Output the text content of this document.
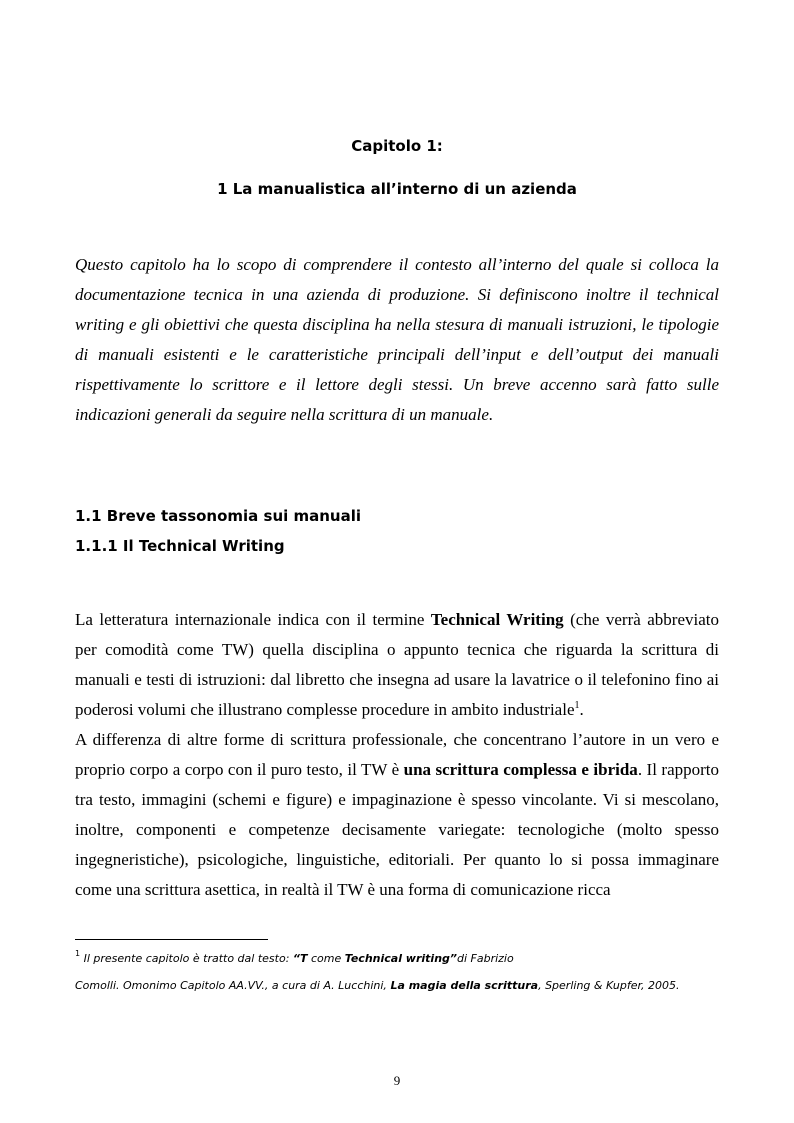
Capitolo 1:
1 La manualistica all’interno di un azienda

Questo capitolo ha lo scopo di comprendere il contesto all’interno del quale si colloca la documentazione tecnica in una azienda di produzione. Si definiscono inoltre il technical writing e gli obiettivi che questa disciplina ha nella stesura di manuali istruzioni, le tipologie di manuali esistenti e le caratteristiche principali dell’input e dell’output dei manuali rispettivamente lo scrittore e il lettore degli stessi. Un breve accenno sarà fatto sulle indicazioni generali da seguire nella scrittura di un manuale.

1.1 Breve tassonomia sui manuali
1.1.1 Il Technical Writing

La letteratura internazionale indica con il termine Technical Writing (che verrà abbreviato per comodità come TW) quella disciplina o appunto tecnica che riguarda la scrittura di manuali e testi di istruzioni: dal libretto che insegna ad usare la lavatrice o il telefonino fino ai poderosi volumi che illustrano complesse procedure in ambito industriale$^1$.

A differenza di altre forme di scrittura professionale, che concentrano l’autore in un vero e proprio corpo a corpo con il puro testo, il TW è una scrittura complessa e ibrida. Il rapporto tra testo, immagini (schemi e figure) e impaginazione è spesso vincolante. Vi si mescolano, inoltre, componenti e competenze decisamente variegate: tecnologiche (molto spesso ingegneristiche), psicologiche, linguistiche, editoriali. Per quanto lo si possa immaginare come una scrittura asettica, in realtà il TW è una forma di comunicazione ricca

$^1$ Il presente capitolo è tratto dal testo: “T come Technical writing”di Fabrizio
Comolli. Omonimo Capitolo AA.VV., a cura di A. Lucchini, La magia della scrittura, Sperling & Kupfer, 2005.

9
